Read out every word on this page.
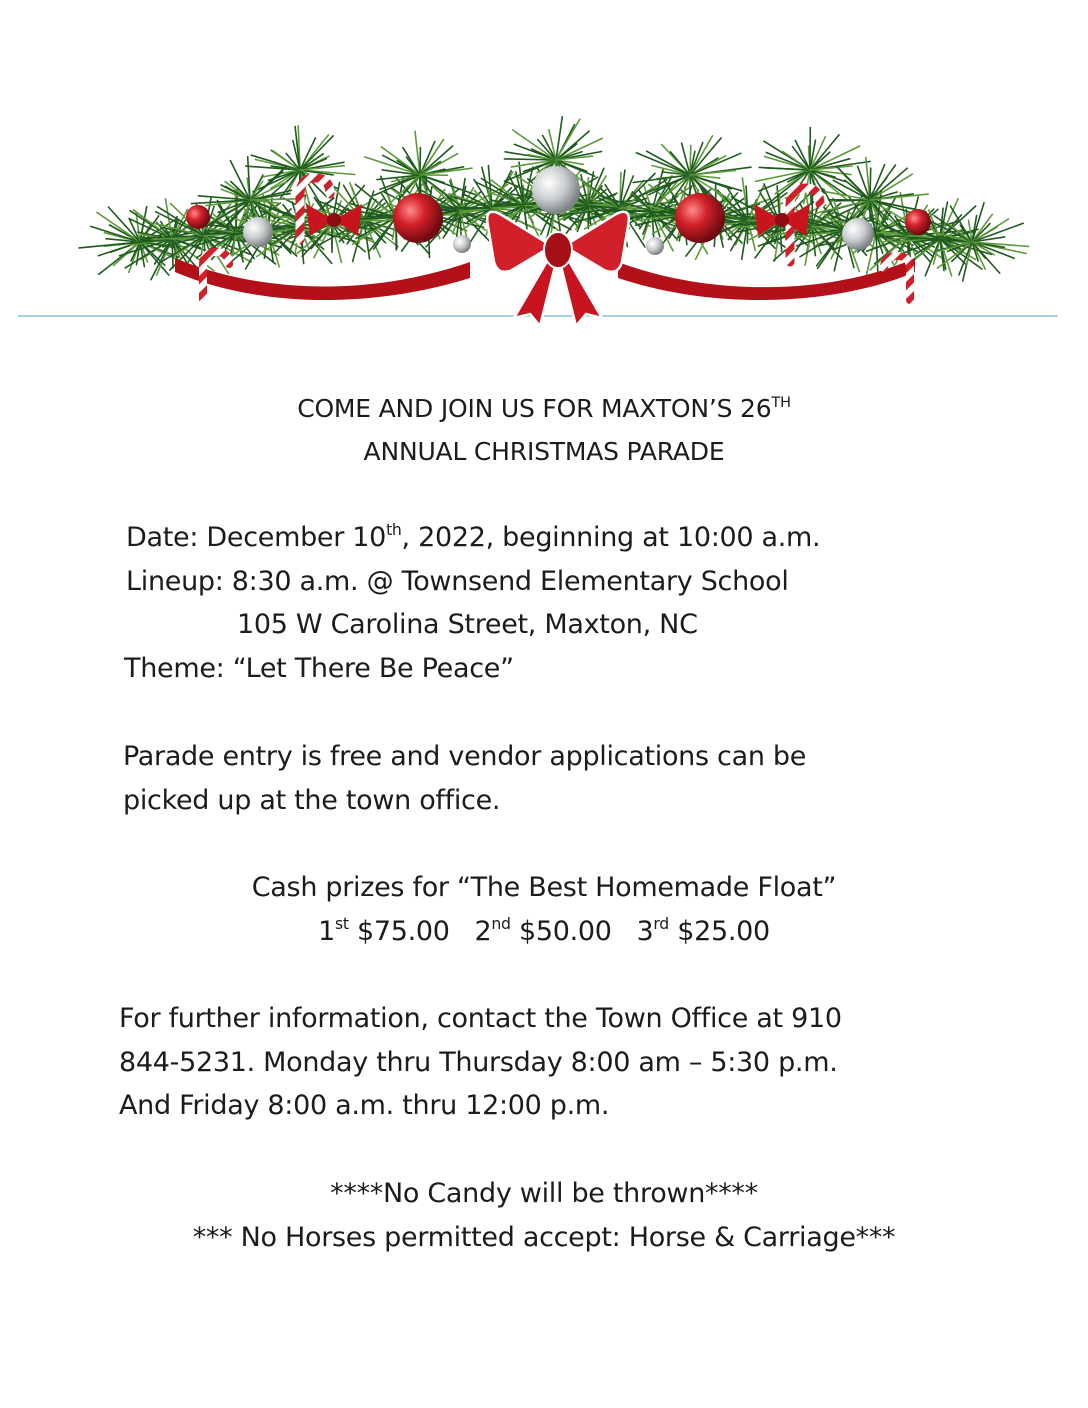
COME AND JOIN US FOR MAXTON’S 26TH

ANNUAL CHRISTMAS PARADE

Date: December 10th, 2022, beginning at 10:00 a.m.

Lineup: 8:30 a.m. @ Townsend Elementary School

105 W Carolina Street, Maxton, NC

Theme: “Let There Be Peace”

Parade entry is free and vendor applications can be

picked up at the town office.

Cash prizes for “The Best Homemade Float”

1st $75.00 2nd $50.00 3rd $25.00

For further information, contact the Town Office at 910

844-5231. Monday thru Thursday 8:00 am – 5:30 p.m.

And Friday 8:00 a.m. thru 12:00 p.m.

****No Candy will be thrown****

*** No Horses permitted accept: Horse & Carriage***
